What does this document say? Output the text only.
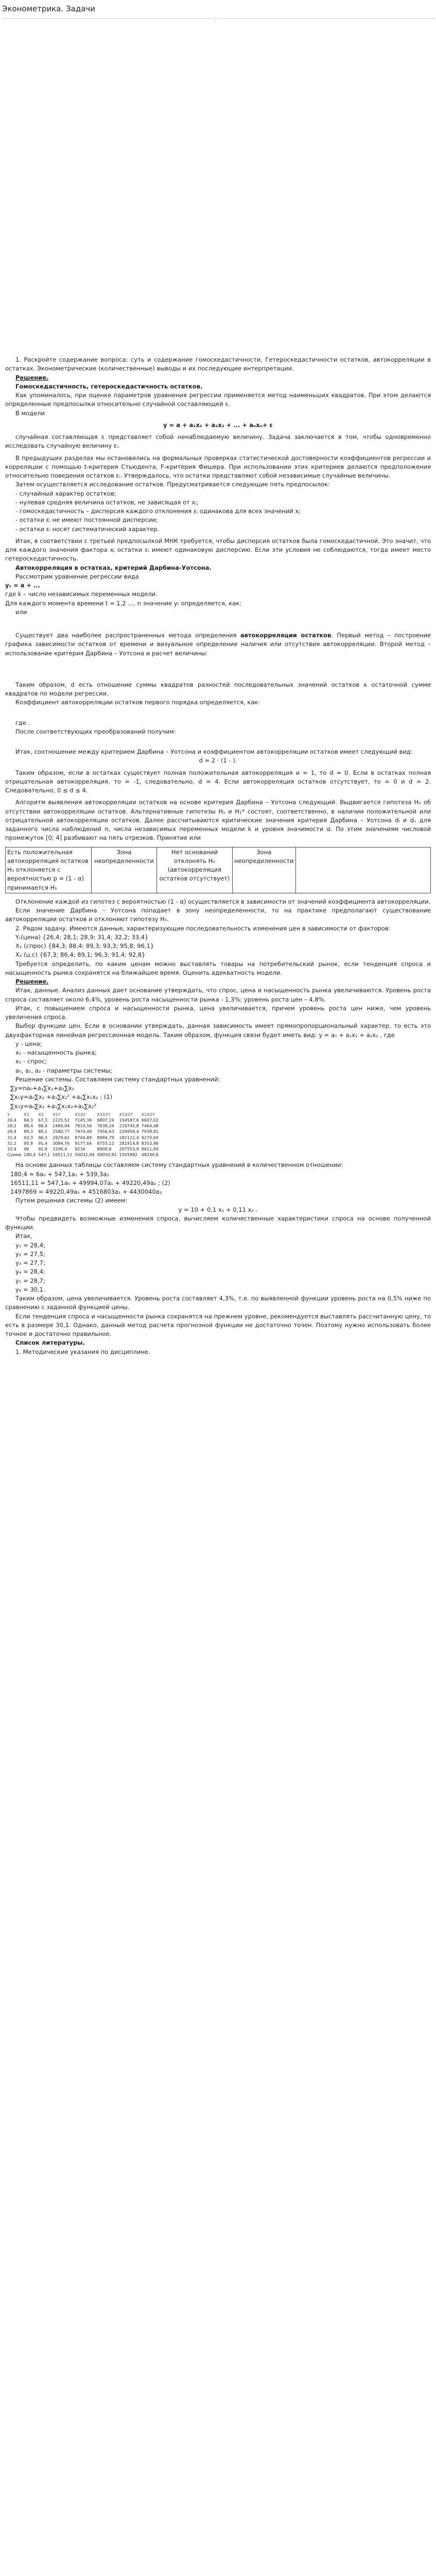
Эконометрика. Задачи
·

1. Раскройте содержание вопроса: суть и содержание гомоскедастичности, Гетероскедастичности остатков, автокорреляции в остатках. Эконометрические (количественные) выводы и их последующие интерпретации.

Решение.

Гомоскедастичность, гетероскедастичность остатков.

Как упоминалось, при оценке параметров уравнения регрессии применяется метод наименьших квадратов. При этом делаются определенные предпосылки относительно случайной составляющей ε.

В модели

y = a + a₁x₁ + a₂x₂ + ... + aₙxₙ+ ε

случайная составляющая ε представляет собой ненаблюдаемую величину. Задача заключается в том, чтобы одновременно исследовать случайную величину εᵢ.

В предыдущих разделах мы остановились на формальных проверках статистической достоверности коэффициентов регрессии и корреляции с помощью t-критерия Стьюдента, F-критерия Фишера. При использовании этих критериев делаются предположения относительно поведения остатков εᵢ. Утверждалось, что остатки представляют собой независимые случайные величины.

Затем осуществляется исследование остатков. Предусматривается следующие пять предпосылок:

- случайный характер остатков;

- нулевая средняя величина остатков, не зависящая от xᵢ;

- гомоскедастичность – дисперсия каждого отклонения εᵢ одинакова для всех значений x;

- остатки εᵢ не имеют постоянной дисперсии;

- остатки εᵢ носят систематический характер.

Итак, в соответствии с третьей предпосылкой МНК требуется, чтобы дисперсия остатков была гомоскедастичной. Это значит, что для каждого значения фактора xⱼ остатки εᵢ имеют одинаковую дисперсию. Если эти условия не соблюдаются, тогда имеет место гетероскедастичность.

Автокорреляция в остатках, критерий Дарбина-Уотсона.

Рассмотрим уравнение регрессии вида

yₜ = a + ...

где k – число независимых переменных модели.

Для каждого момента времени t = 1,2 ..., n значение yₜ определяется, как:

или

Существует два наиболее распространенных метода определения автокорреляции остатков. Первый метод – построение графика зависимости остатков от времени и визуальное определение наличия или отсутствия автокорреляции. Второй метод – использование критерия Дарбина – Уотсона и расчет величины:

Таким образом, d есть отношение суммы квадратов разностей последовательных значений остатков к остаточной сумме квадратов по модели регрессии.

Коэффициент автокорреляции остатков первого порядка определяется, как:

где .

После соответствующих преобразований получим:

Итак, соотношение между критерием Дарбина – Уотсона и коэффициентом автокорреляции остатков имеет следующий вид:

d ≈ 2 · (1 - ).

Таким образом, если в остатках существует полная положительная автокорреляция и = 1, то d = 0. Если в остатках полная отрицательная автокорреляция, то = -1, следовательно, d = 4. Если автокорреляция остатков отсутствует, то = 0 и d = 2. Следовательно, 0 ≤ d ≤ 4.

Алгоритм выявления автокорреляции остатков на основе критерия Дарбина – Уотсона следующий. Выдвигается гипотеза H₀ об отсутствии автокорреляции остатков. Альтернативные гипотезы H₁ и H₁* состоят, соответственно, в наличии положительной или отрицательной автокорреляции остатков. Далее рассчитываются критические значения критерия Дарбина – Уотсона dₗ и dᵤ для заданного числа наблюдений n, числа независимых переменных модели k и уровня значимости α. По этим значениям числовой промежуток [0; 4] разбивают на пять отрезков. Принятие или

Есть положительная автокорреляция остатков H₀ отклоняется с вероятностью p = (1 - α) принимается H₁	Зона неопределенности	Нет оснований отклонять H₀ (автокорреляция остатков отсутствует)	Зона неопределенности	

Отклонение каждой из гипотез с вероятностью (1 - α) осуществляется в зависимости от значений коэффициента автокорреляции.

Если значение Дарбина – Уотсона попадает в зону неопределенности, то на практике предполагают существование автокорреляции остатков и отклоняют гипотезу H₀.

2. Рядом задачу. Имеются данные, характеризующие последовательность изменения цен в зависимости от факторов:

Yₜ(цена) {26,4; 28,1; 28,9; 31,4; 32,2; 33,4}

X₁ (спрос) {84,3; 88,4; 89,3; 93,3; 95,8; 96,1}

X₂ (ц.с) {67,3; 86,4; 89,1; 96,3; 91,4; 92,8}

Требуется определить, по каким ценам можно выставлять товары на потребительский рынок, если тенденция спроса и насыщенность рынка сохранятся на ближайшее время. Оценить адекватность модели.

Решение.

Итак, данные. Анализ данных дает основание утверждать, что спрос, цена и насыщенность рынка увеличиваются. Уровень роста спроса составляет около 6,4%, уровень роста насыщенности рынка - 1,3%; уровень роста цен – 4,8%.

Итак, с повышением спроса и насыщенности рынка, цена увеличивается, причем уровень роста цен ниже, чем уровень увеличения спроса.

Выбор функции цен. Если в основании утверждать, данная зависимость имеет прямопропорциональный характер, то есть это двухфакторная линейная регрессионная модель. Таким образом, функция связи будет иметь вид: y = a₀ + a₁x₁ + a₂x₂ , где

y - цена;

x₁ - насыщенность рынка;

x₂ - спрос;

a₀, a₁, a₂ - параметры системы;

Решение системы. Составляем систему стандартных уравнений:

∑y=na₀+a₁∑x₁+a₂∑x₂

∑x₁y=a₀∑x₁ +a₁∑x₁² +a₂∑x₁x₂ ; (1)

∑x₂y=a₀∑x₂ +a₁∑x₁x₂+a₂∑x₂²

Y	X1	X2	X1Y	X1X2	X1X2Y	X1X2Y	X1X2Y
26,4	84,3	67,3	2225,52	7145,36	6807,24	194587,6	6607,02
28,1	88,4	86,4	2484,04	7814,56	7638,24	219745,8	7464,48
28,9	89,3	89,1	2580,77	7974,49	7956,63	229958,4	7938,81
31,4	93,3	96,3	2929,62	8704,89	8984,79	282122,4	9273,69
32,2	95,8	91,4	3084,76	9177,64	8755,12	281914,8	8353,96
33,4	96	92,8	3206,4	9216	8908,8	297553,9	8611,84
Сумма	180,4	547,1	16511,11	50032,94	49050,82	1505882	48249,8

На основе данных таблицы составляем систему стандартных уравнений в количественном отношении:

180,4 = 6a₀ + 547,1a₁ + 539,3a₂

16511,11 = 547,1a₀ + 49994,07a₁ + 49220,49a₂ ; (2)

1497869 = 49220,49a₀ + 4516803a₁ + 4430040a₂

Путем решения системы (2) имеем:

y = 10 + 0,1 x₁ + 0,11 x₂ .

Чтобы предвидеть возможные изменения спроса, вычисляем количественные характеристики спроса на основе полученной функции.

Итак,

y₁ = 28,4;

y₂ = 27,5;

y₃ = 27,7;

y₄ = 28,4;

y₅ = 28,7;

y₆ = 30,1.

Таким образом, цена увеличивается. Уровень роста составляет 4,3%, т.е. по выявленной функции уровень роста на 0,5% ниже по сравнению с заданной функцией цены.

Если тенденция спроса и насыщенности рынка сохранятся на прежнем уровне, рекомендуется выставлять рассчитанную цену, то есть в размере 30,1. Однако, данный метод расчета прогнозной функции не достаточно точен. Поэтому нужно использовать более точное и достаточно правильное.

Список литературы.

1. Методические указания по дисциплине.
